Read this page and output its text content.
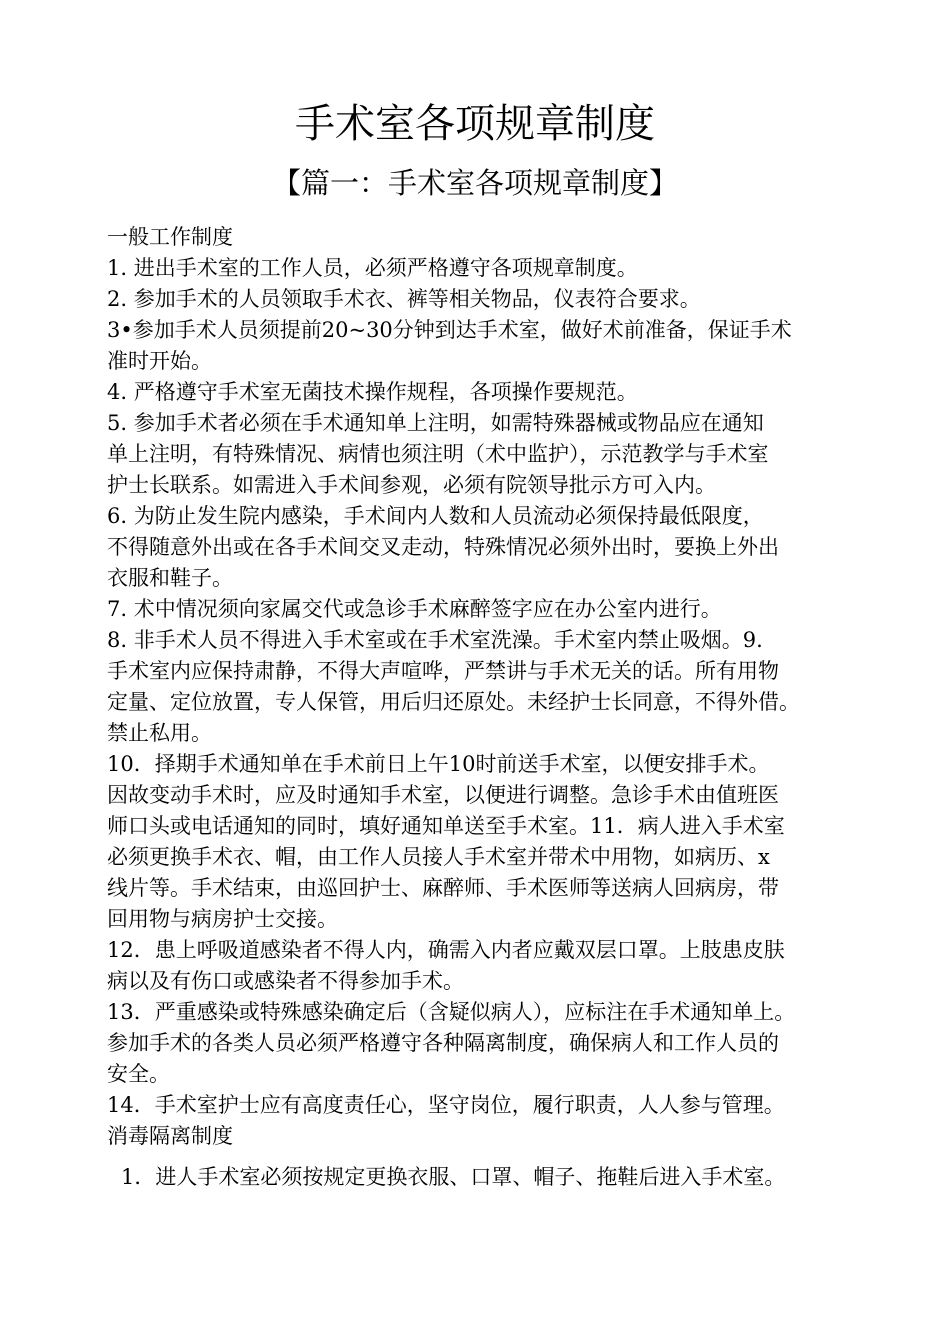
手术室各项规章制度
【篇一：手术室各项规章制度】
一般工作制度
1. 进出手术室的工作人员，必须严格遵守各项规章制度。
2. 参加手术的人员领取手术衣、裤等相关物品，仪表符合要求。
3•参加手术人员须提前20~30分钟到达手术室，做好术前准备，保证手术
准时开始。
4. 严格遵守手术室无菌技术操作规程，各项操作要规范。
5. 参加手术者必须在手术通知单上注明，如需特殊器械或物品应在通知
单上注明，有特殊情况、病情也须注明（术中监护），示范教学与手术室
护士长联系。如需进入手术间参观，必须有院领导批示方可入内。
6. 为防止发生院内感染，手术间内人数和人员流动必须保持最低限度，
不得随意外出或在各手术间交叉走动，特殊情况必须外出时，要换上外出
衣服和鞋子。
7. 术中情况须向家属交代或急诊手术麻醉签字应在办公室内进行。
8. 非手术人员不得进入手术室或在手术室洗澡。手术室内禁止吸烟。9.
手术室内应保持肃静，不得大声喧哗，严禁讲与手术无关的话。所有用物
定量、定位放置，专人保管，用后归还原处。未经护士长同意，不得外借。
禁止私用。
10．择期手术通知单在手术前日上午10时前送手术室，以便安排手术。
因故变动手术时，应及时通知手术室，以便进行调整。急诊手术由值班医
师口头或电话通知的同时，填好通知单送至手术室。11．病人进入手术室
必须更换手术衣、帽，由工作人员接人手术室并带术中用物，如病历、x
线片等。手术结束，由巡回护士、麻醉师、手术医师等送病人回病房，带
回用物与病房护士交接。
12．患上呼吸道感染者不得人内，确需入内者应戴双层口罩。上肢患皮肤
病以及有伤口或感染者不得参加手术。
13．严重感染或特殊感染确定后（含疑似病人），应标注在手术通知单上。
参加手术的各类人员必须严格遵守各种隔离制度，确保病人和工作人员的
安全。
14．手术室护士应有高度责任心，坚守岗位，履行职责，人人参与管理。
消毒隔离制度
1．进人手术室必须按规定更换衣服、口罩、帽子、拖鞋后进入手术室。
